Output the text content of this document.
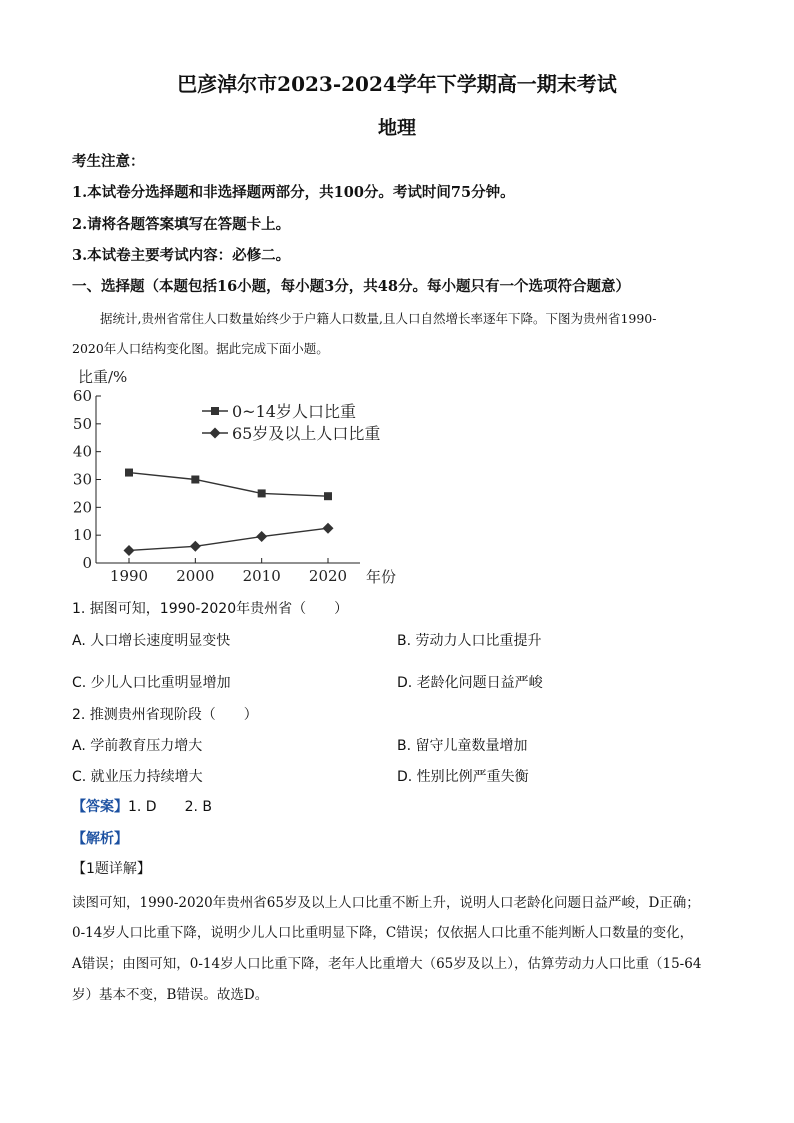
巴彦淖尔市2023-2024学年下学期高一期末考试
地理
考生注意：
1.本试卷分选择题和非选择题两部分，共100分。考试时间75分钟。
2.请将各题答案填写在答题卡上。
3.本试卷主要考试内容：必修二。
一、选择题（本题包括16小题，每小题3分，共48分。每小题只有一个选项符合题意）
据统计,贵州省常住人口数量始终少于户籍人口数量,且人口自然增长率逐年下降。下图为贵州省1990-
2020年人口结构变化图。据此完成下面小题。
0
10
20
30
40
50
60
1990 2000 2010 2020
比重/%
年份
0~14岁人口比重
65岁及以上人口比重
1. 据图可知，1990-2020年贵州省（　　）
A. 人口增长速度明显变快	B. 劳动力人口比重提升
C. 少儿人口比重明显增加	D. 老龄化问题日益严峻
2. 推测贵州省现阶段（　　）
A. 学前教育压力增大	B. 留守儿童数量增加
C. 就业压力持续增大	D. 性别比例严重失衡
【答案】1. D　　2. B
【解析】
【1题详解】
读图可知，1990-2020年贵州省65岁及以上人口比重不断上升，说明人口老龄化问题日益严峻，D正确；
0-14岁人口比重下降，说明少儿人口比重明显下降，C错误；仅依据人口比重不能判断人口数量的变化，
A错误；由图可知，0-14岁人口比重下降，老年人比重增大（65岁及以上），估算劳动力人口比重（15-64
岁）基本不变，B错误。故选D。
